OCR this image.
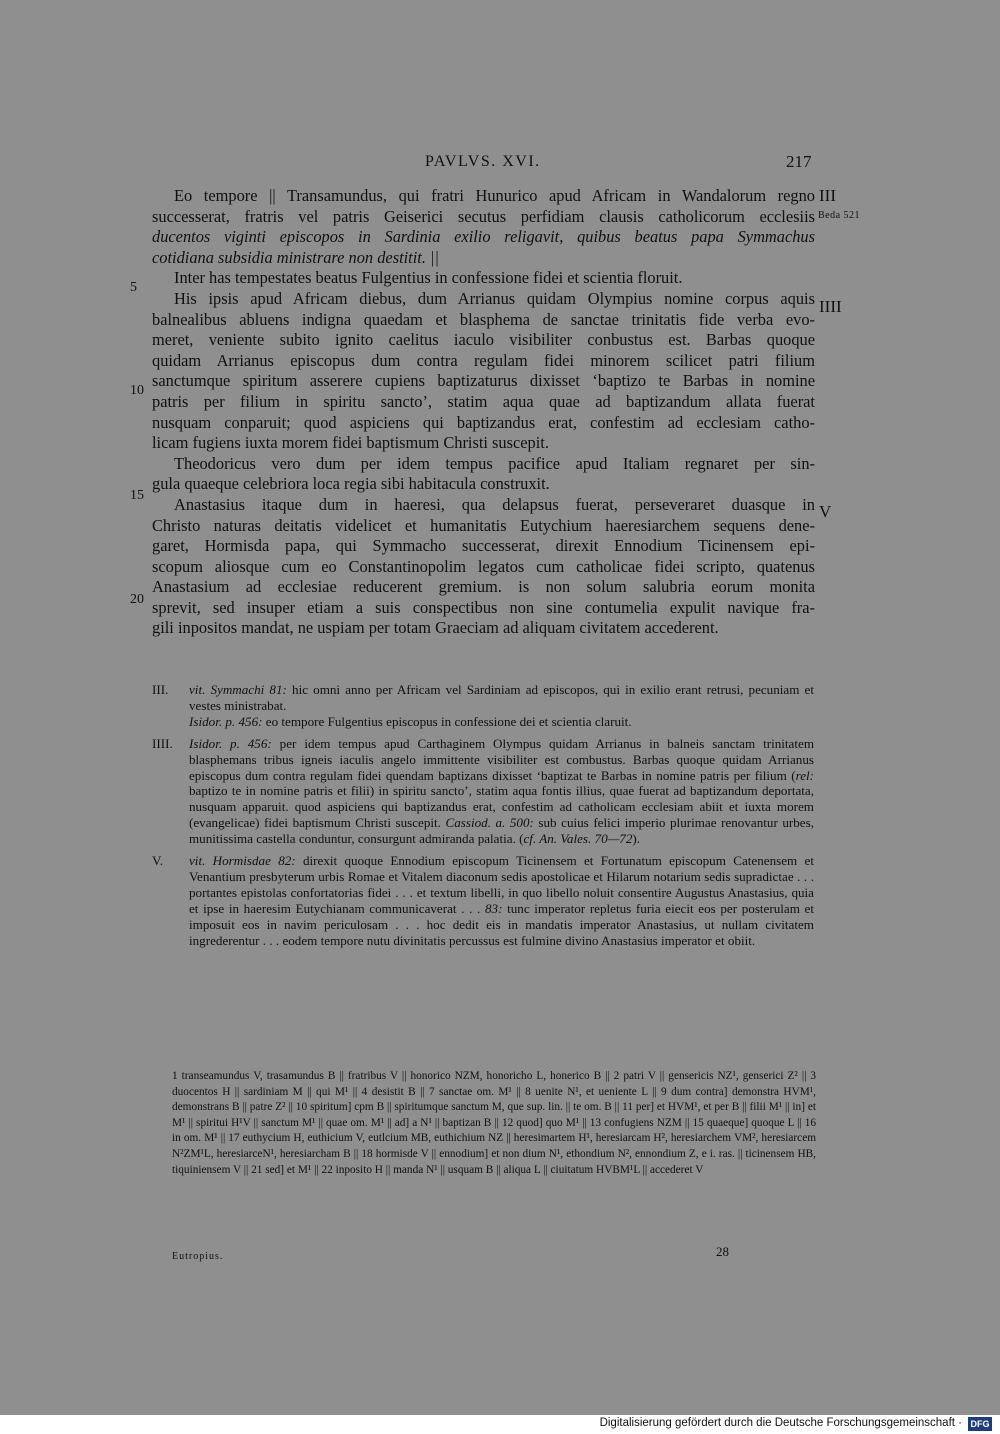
PAVLVS. XVI.	217
III
Beda 521
IIII
V
5
10
15
20
Eo tempore || Transamundus, qui fratri Hunurico apud Africam in Wandalorum regno
successerat, fratris vel patris Geiserici secutus perfidiam clausis catholicorum ecclesiis
ducentos viginti episcopos in Sardinia exilio religavit, quibus beatus papa Symmachus
cotidiana subsidia ministrare non destitit. ||
Inter has tempestates beatus Fulgentius in confessione fidei et scientia floruit.
His ipsis apud Africam diebus, dum Arrianus quidam Olympius nomine corpus aquis
balnealibus abluens indigna quaedam et blasphema de sanctae trinitatis fide verba evo-
meret, veniente subito ignito caelitus iaculo visibiliter conbustus est. Barbas quoque
quidam Arrianus episcopus dum contra regulam fidei minorem scilicet patri filium
sanctumque spiritum asserere cupiens baptizaturus dixisset ‘baptizo te Barbas in nomine
patris per filium in spiritu sancto’, statim aqua quae ad baptizandum allata fuerat
nusquam conparuit; quod aspiciens qui baptizandus erat, confestim ad ecclesiam catho-
licam fugiens iuxta morem fidei baptismum Christi suscepit.
Theodoricus vero dum per idem tempus pacifice apud Italiam regnaret per sin-
gula quaeque celebriora loca regia sibi habitacula construxit.
Anastasius itaque dum in haeresi, qua delapsus fuerat, perseveraret duasque in
Christo naturas deitatis videlicet et humanitatis Eutychium haeresiarchem sequens dene-
garet, Hormisda papa, qui Symmacho successerat, direxit Ennodium Ticinensem epi-
scopum aliosque cum eo Constantinopolim legatos cum catholicae fidei scripto, quatenus
Anastasium ad ecclesiae reducerent gremium. is non solum salubria eorum monita
sprevit, sed insuper etiam a suis conspectibus non sine contumelia expulit navique fra-
gili inpositos mandat, ne uspiam per totam Graeciam ad aliquam civitatem accederent.
III.	vit. Symmachi 81: hic omni anno per Africam vel Sardiniam ad episcopos, qui in exilio erant retrusi, pecuniam et vestes ministrabat.
Isidor. p. 456: eo tempore Fulgentius episcopus in confessione dei et scientia claruit.
IIII.	Isidor. p. 456: per idem tempus apud Carthaginem Olympus quidam Arrianus in balneis sanctam trinitatem blasphemans tribus igneis iaculis angelo immittente visibiliter est combustus. Barbas quoque quidam Arrianus episcopus dum contra regulam fidei quendam baptizans dixisset ‘baptizat te Barbas in nomine patris per filium (rel: baptizo te in nomine patris et filii) in spiritu sancto’, statim aqua fontis illius, quae fuerat ad baptizandum deportata, nusquam apparuit. quod aspiciens qui baptizandus erat, confestim ad catholicam ecclesiam abiit et iuxta morem (evangelicae) fidei baptismum Christi suscepit. Cassiod. a. 500: sub cuius felici imperio plurimae renovantur urbes, munitissima castella conduntur, consurgunt admiranda palatia. (cf. An. Vales. 70—72).
V.	vit. Hormisdae 82: direxit quoque Ennodium episcopum Ticinensem et Fortunatum episcopum Catenensem et Venantium presbyterum urbis Romae et Vitalem diaconum sedis apostolicae et Hilarum notarium sedis supradictae . . . portantes epistolas confortatorias fidei . . . et textum libelli, in quo libello noluit consentire Augustus Anastasius, quia et ipse in haeresim Eutychianam communicaverat . . . 83: tunc imperator repletus furia eiecit eos per posterulam et imposuit eos in navim periculosam . . . hoc dedit eis in mandatis imperator Anastasius, ut nullam civitatem ingrederentur . . . eodem tempore nutu divinitatis percussus est fulmine divino Anastasius imperator et obiit.
1 transeamundus V, trasamundus B || fratribus V || honorico NZM, honoricho L, honerico B || 2 patri V || gensericis NZ¹, genserici Z² || 3 duocentos H || sardiniam M || qui M¹ || 4 desistit B || 7 sanctae om. M¹ || 8 uenite N¹, et ueniente L || 9 dum contra] demonstra HVM¹, demonstrans B || patre Z² || 10 spiritum] cpm B || spiritumque sanctum M, que sup. lin. || te om. B || 11 per] et HVM¹, et per B || filii M¹ || in] et M¹ || spiritui H¹V || sanctum M¹ || quae om. M¹ || ad] a N¹ || baptizan B || 12 quod] quo M¹ || 13 confugiens NZM || 15 quaeque] quoque L || 16 in om. M¹ || 17 euthycium H, euthicium V, eutlcium MB, euthichium NZ || heresimartem H¹, heresiarcam H², heresiarchem VM², heresiarcem N²ZM¹L, heresiarceN¹, heresiarcham B || 18 hormisde V || ennodium] et non dium N¹, ethondium N², ennondium Z, e i. ras. || ticinensem HB, tiquiniensem V || 21 sed] et M¹ || 22 inposito H || manda N¹ || usquam B || aliqua L || ciuitatum HVBM¹L || accederet V
Eutropius.	28
Digitalisierung gefördert durch die Deutsche Forschungsgemeinschaft · DFG
